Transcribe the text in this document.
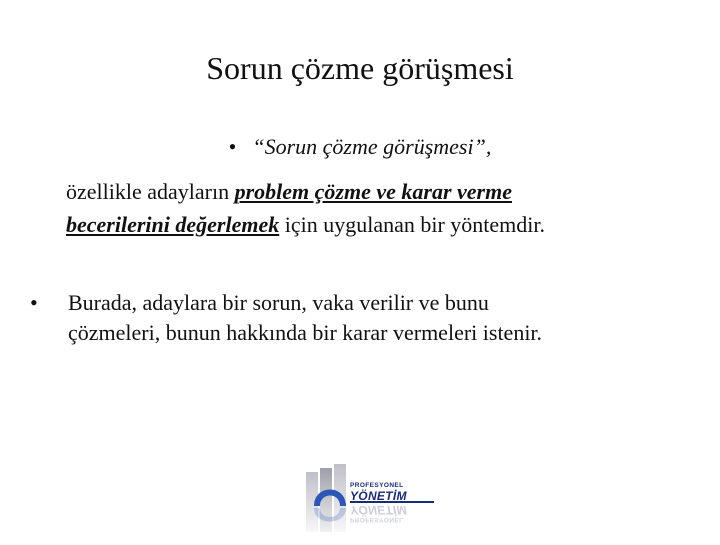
Sorun çözme görüşmesi
• “Sorun çözme görüşmesi”,
özellikle adayların problem çözme ve karar verme
becerilerini değerlemek için uygulanan bir yöntemdir.
•	Burada, adaylara bir sorun, vaka verilir ve bunu
çözmeleri, bunun hakkında bir karar vermeleri istenir.
PROFESYONEL
YÖNETİM
YÖNETİM
PROFESYONEL
